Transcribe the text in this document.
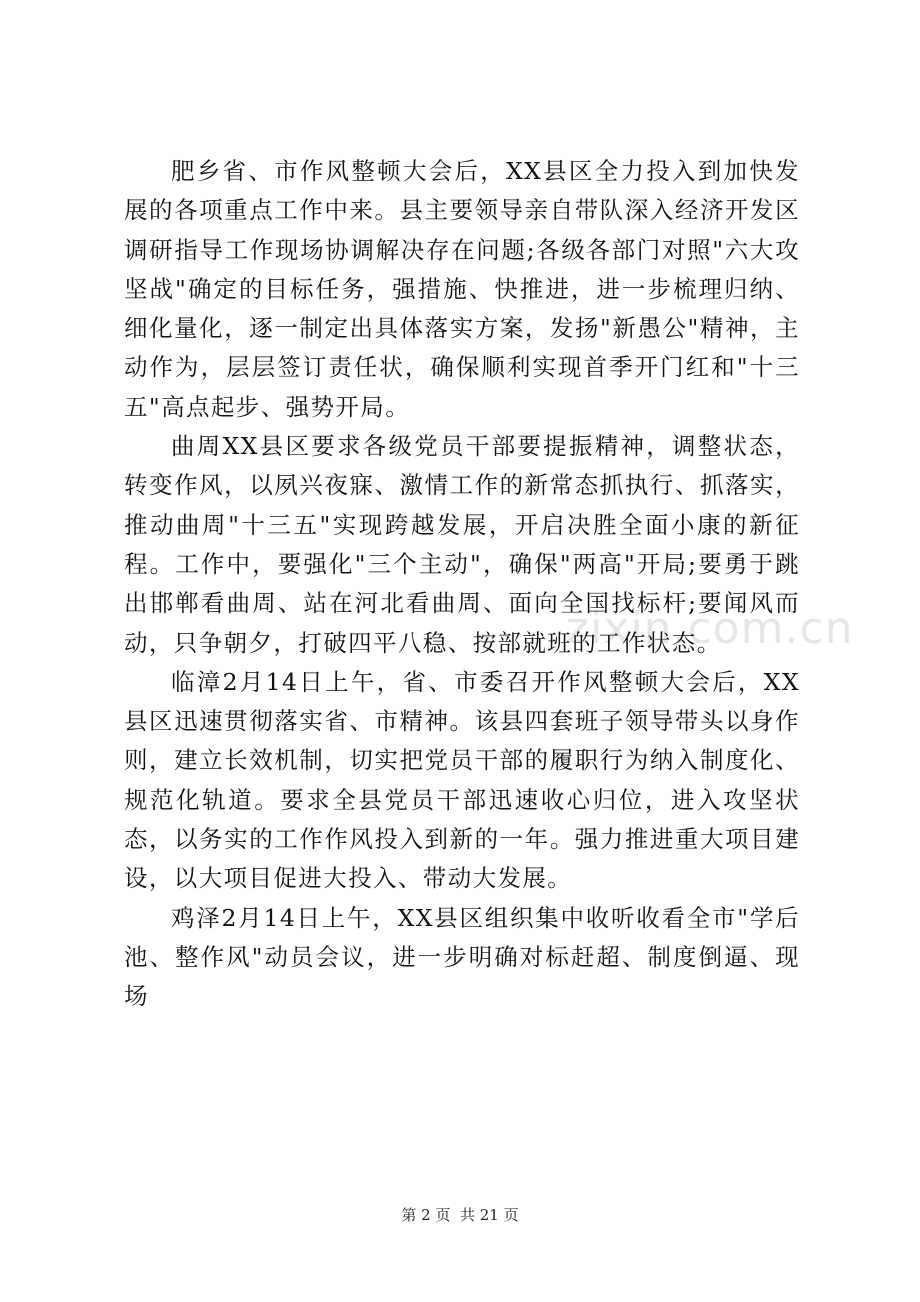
zixin.com.cn

肥乡省、市作风整顿大会后，XX县区全力投入到加快发展的各项重点工作中来。县主要领导亲自带队深入经济开发区调研指导工作现场协调解决存在问题;各级各部门对照"六大攻坚战"确定的目标任务，强措施、快推进，进一步梳理归纳、细化量化，逐一制定出具体落实方案，发扬"新愚公"精神，主动作为，层层签订责任状，确保顺利实现首季开门红和"十三五"高点起步、强势开局。

曲周XX县区要求各级党员干部要提振精神，调整状态，转变作风，以夙兴夜寐、激情工作的新常态抓执行、抓落实，推动曲周"十三五"实现跨越发展，开启决胜全面小康的新征程。工作中，要强化"三个主动"，确保"两高"开局;要勇于跳出邯郸看曲周、站在河北看曲周、面向全国找标杆;要闻风而动，只争朝夕，打破四平八稳、按部就班的工作状态。

临漳2月14日上午，省、市委召开作风整顿大会后，XX县区迅速贯彻落实省、市精神。该县四套班子领导带头以身作则，建立长效机制，切实把党员干部的履职行为纳入制度化、规范化轨道。要求全县党员干部迅速收心归位，进入攻坚状态，以务实的工作作风投入到新的一年。强力推进重大项目建设，以大项目促进大投入、带动大发展。

鸡泽2月14日上午，XX县区组织集中收听收看全市"学后池、整作风"动员会议，进一步明确对标赶超、制度倒逼、现场

第 2 页  共 21 页
